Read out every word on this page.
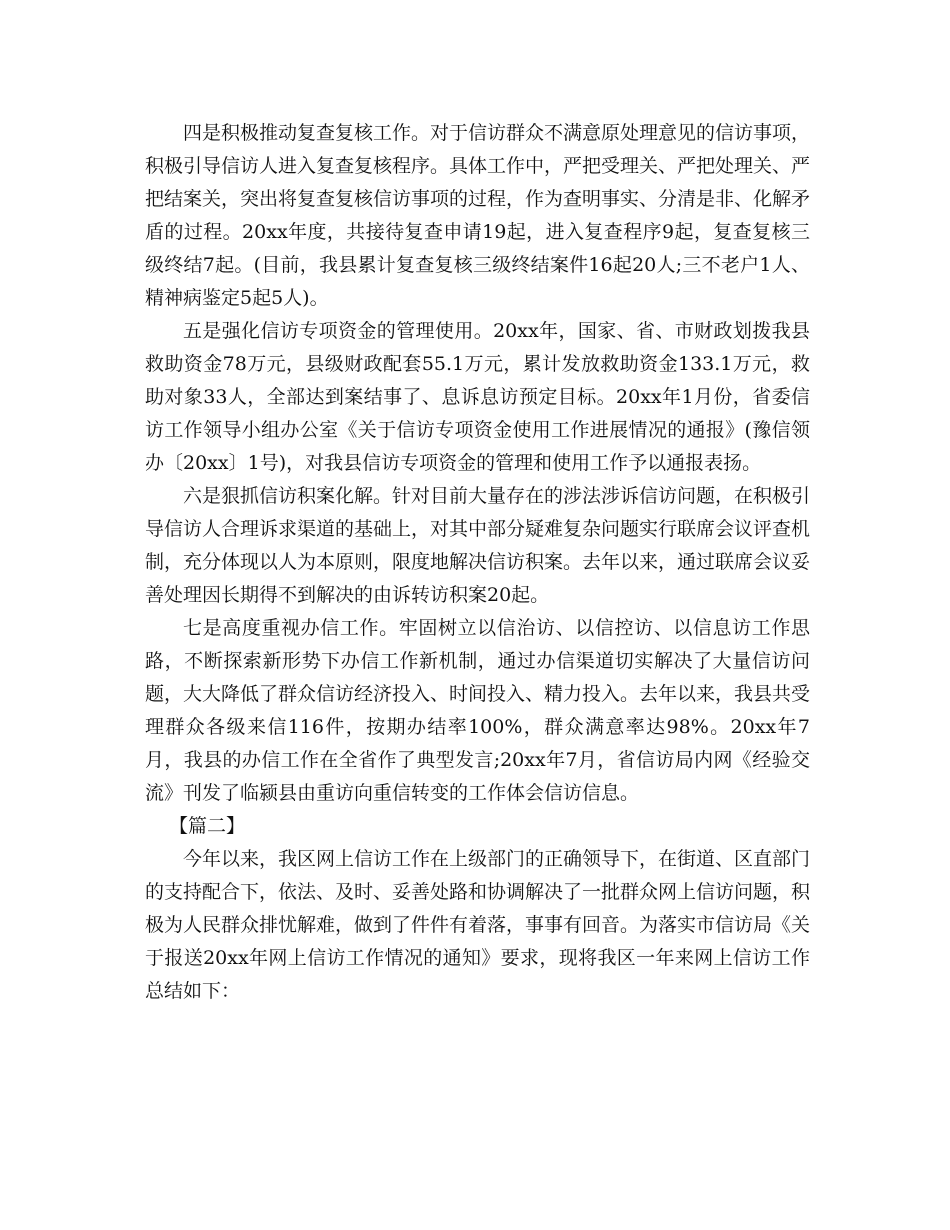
四是积极推动复查复核工作。对于信访群众不满意原处理意见的信访事项，积极引导信访人进入复查复核程序。具体工作中，严把受理关、严把处理关、严把结案关，突出将复查复核信访事项的过程，作为查明事实、分清是非、化解矛盾的过程。20xx年度，共接待复查申请19起，进入复查程序9起，复查复核三级终结7起。(目前，我县累计复查复核三级终结案件16起20人;三不老户1人、精神病鉴定5起5人)。

五是强化信访专项资金的管理使用。20xx年，国家、省、市财政划拨我县救助资金78万元，县级财政配套55.1万元，累计发放救助资金133.1万元，救助对象33人，全部达到案结事了、息诉息访预定目标。20xx年1月份，省委信访工作领导小组办公室《关于信访专项资金使用工作进展情况的通报》(豫信领办〔20xx〕1号)，对我县信访专项资金的管理和使用工作予以通报表扬。

六是狠抓信访积案化解。针对目前大量存在的涉法涉诉信访问题，在积极引导信访人合理诉求渠道的基础上，对其中部分疑难复杂问题实行联席会议评查机制，充分体现以人为本原则，限度地解决信访积案。去年以来，通过联席会议妥善处理因长期得不到解决的由诉转访积案20起。

七是高度重视办信工作。牢固树立以信治访、以信控访、以信息访工作思路，不断探索新形势下办信工作新机制，通过办信渠道切实解决了大量信访问题，大大降低了群众信访经济投入、时间投入、精力投入。去年以来，我县共受理群众各级来信116件，按期办结率100%，群众满意率达98%。20xx年7月，我县的办信工作在全省作了典型发言;20xx年7月，省信访局内网《经验交流》刊发了临颍县由重访向重信转变的工作体会信访信息。

【篇二】

今年以来，我区网上信访工作在上级部门的正确领导下，在街道、区直部门的支持配合下，依法、及时、妥善处路和协调解决了一批群众网上信访问题，积极为人民群众排忧解难，做到了件件有着落，事事有回音。为落实市信访局《关于报送20xx年网上信访工作情况的通知》要求，现将我区一年来网上信访工作总结如下：
